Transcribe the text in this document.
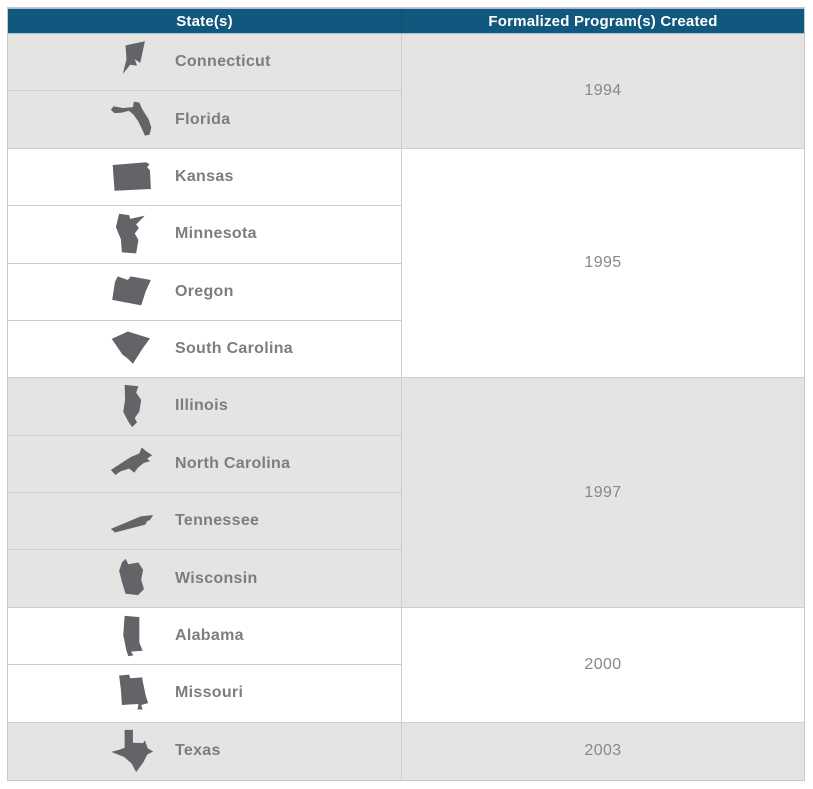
State(s)	Formalized Program(s) Created
Connecticut
Florida
1994
Kansas
Minnesota
Oregon
South Carolina
1995
Illinois
North Carolina
Tennessee
Wisconsin
1997
Alabama
Missouri
2000
Texas	2003
